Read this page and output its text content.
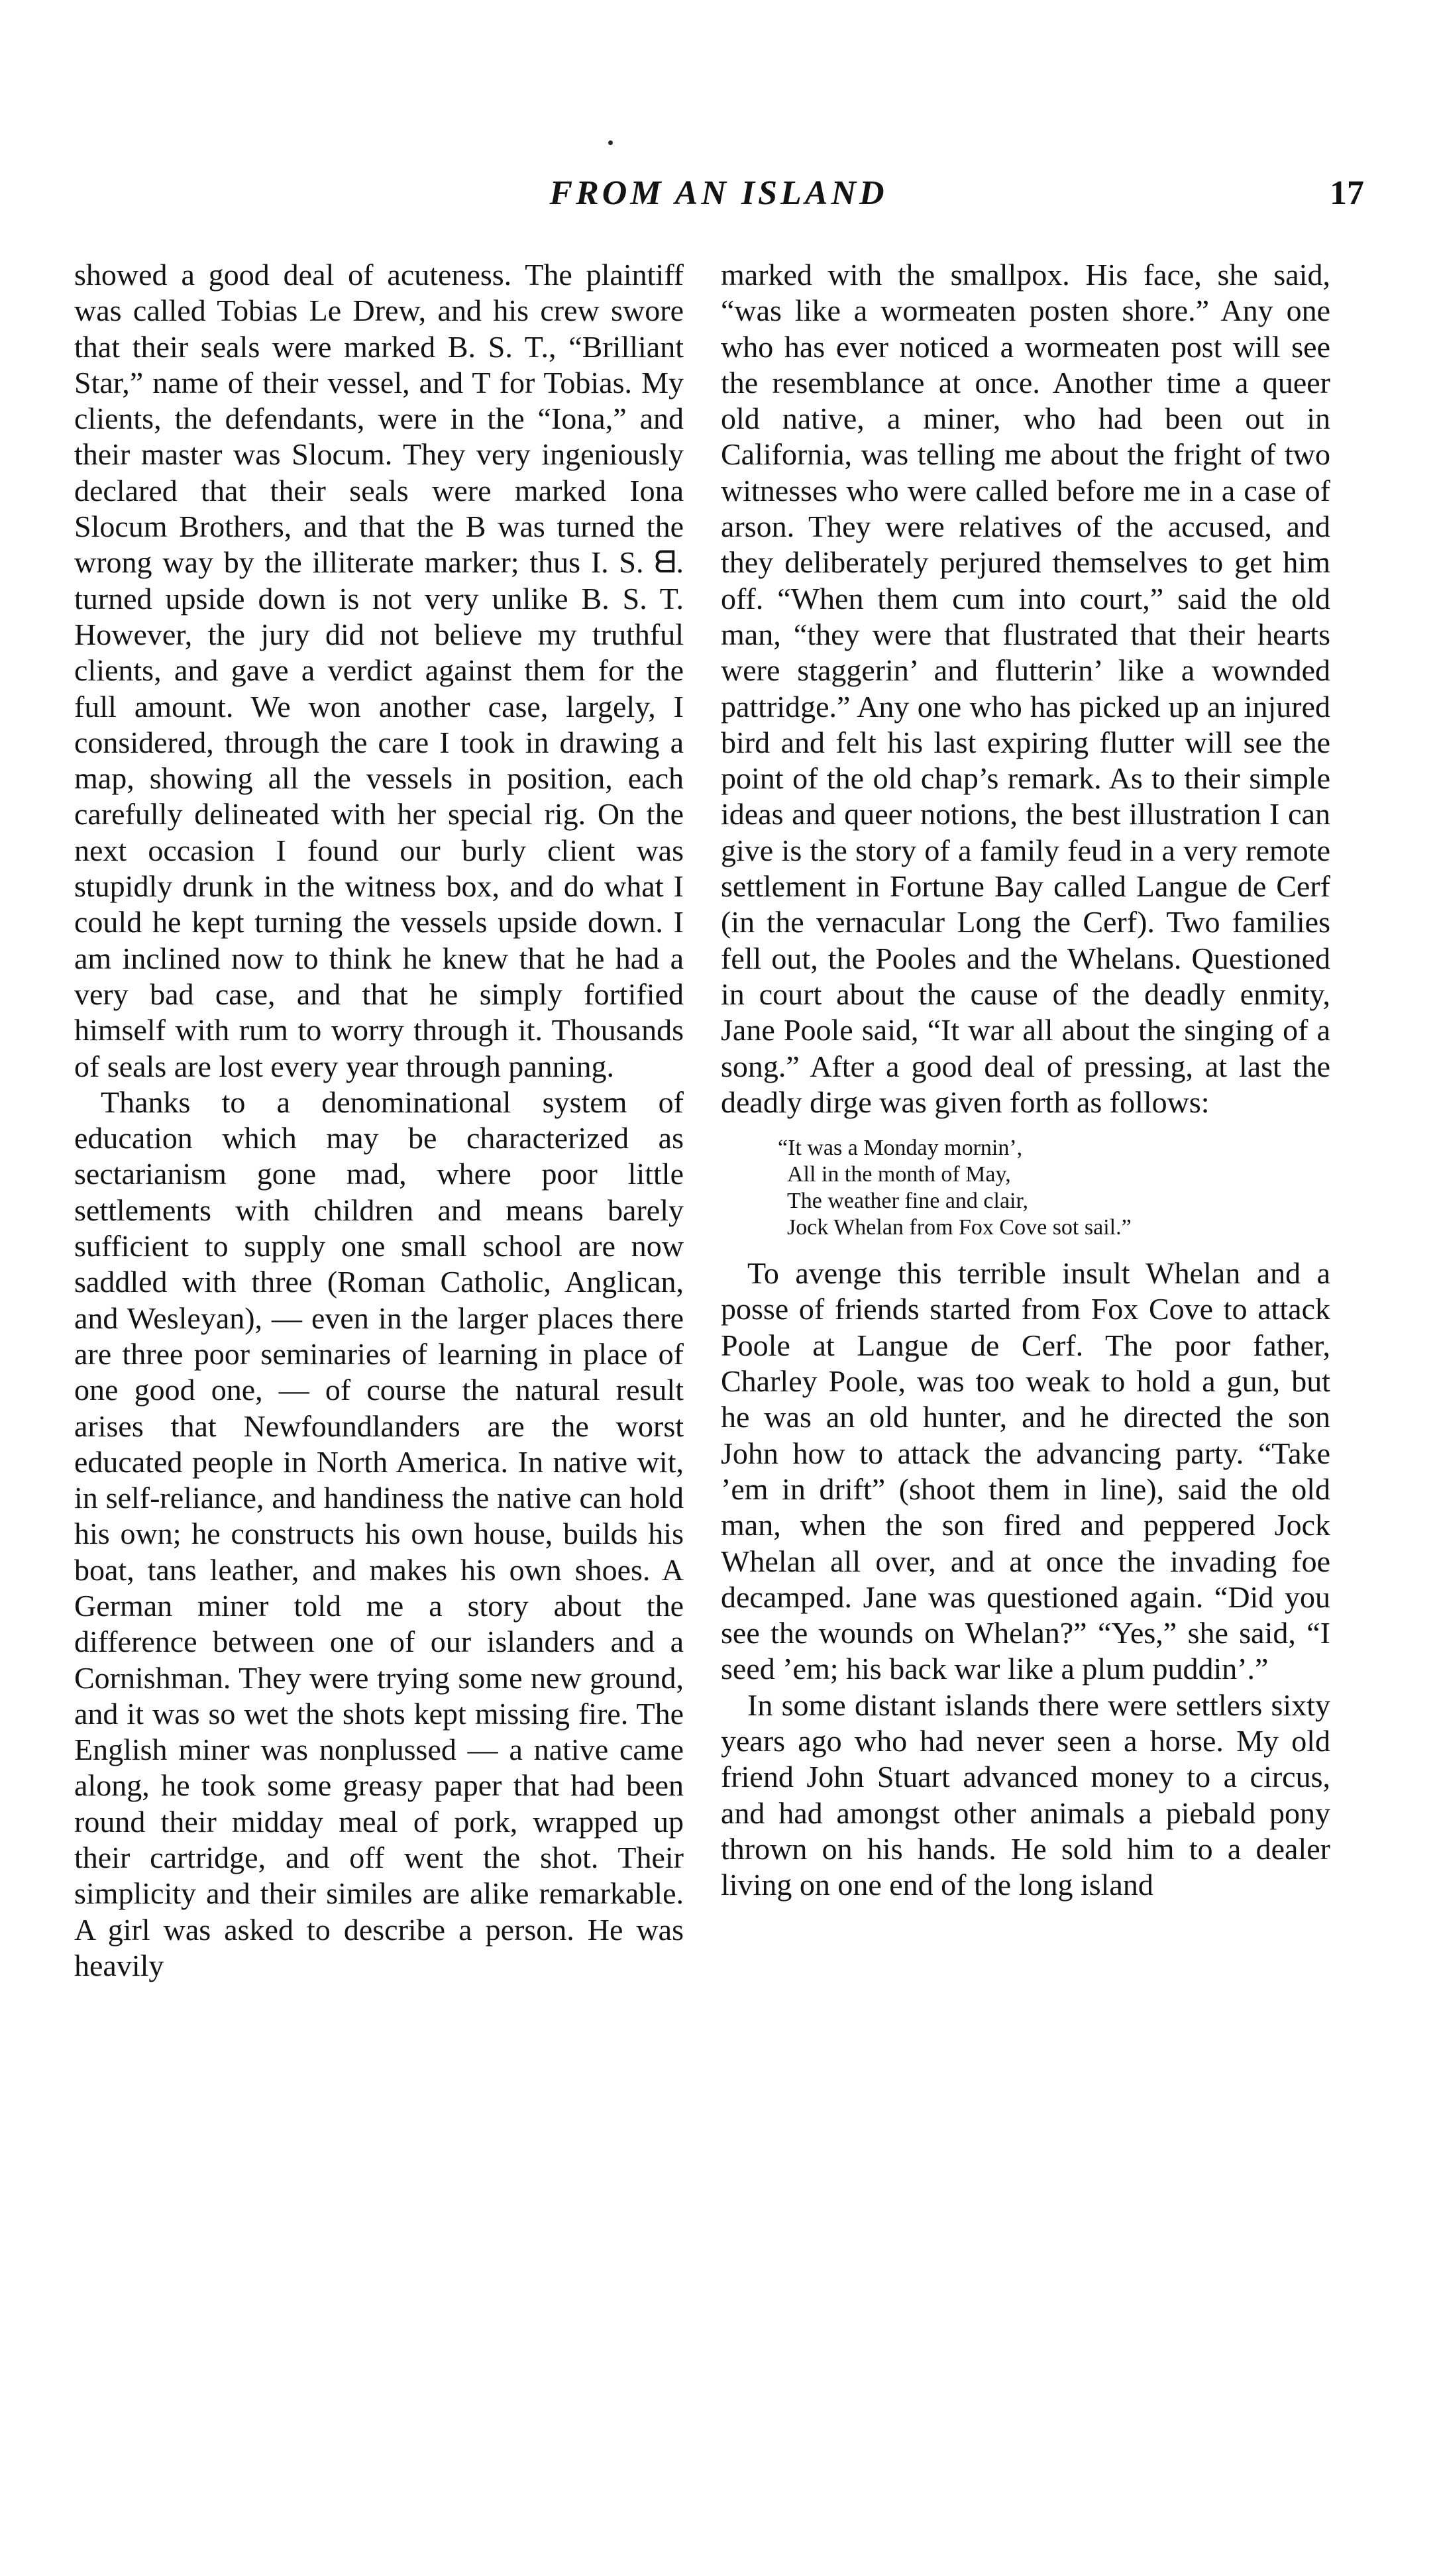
FROM AN ISLAND	17

showed a good deal of acuteness. The plaintiff was called Tobias Le Drew, and his crew swore that their seals were marked B. S. T., “Brilliant Star,” name of their vessel, and T for Tobias. My clients, the defendants, were in the “Iona,” and their master was Slocum. They very ingeniously declared that their seals were marked Iona Slocum Brothers, and that the B was turned the wrong way by the illiterate marker; thus I. S. ᗺ. turned upside down is not very unlike B. S. T. However, the jury did not believe my truthful clients, and gave a verdict against them for the full amount. We won another case, largely, I considered, through the care I took in drawing a map, showing all the vessels in position, each carefully delineated with her special rig. On the next occasion I found our burly client was stupidly drunk in the witness box, and do what I could he kept turning the vessels upside down. I am inclined now to think he knew that he had a very bad case, and that he simply fortified himself with rum to worry through it. Thousands of seals are lost every year through panning.

Thanks to a denominational system of education which may be characterized as sectarianism gone mad, where poor little settlements with children and means barely sufficient to supply one small school are now saddled with three (Roman Catholic, Anglican, and Wesleyan), — even in the larger places there are three poor seminaries of learning in place of one good one, — of course the natural result arises that Newfoundlanders are the worst educated people in North America. In native wit, in self-reliance, and handiness the native can hold his own; he constructs his own house, builds his boat, tans leather, and makes his own shoes. A German miner told me a story about the difference between one of our islanders and a Cornishman. They were trying some new ground, and it was so wet the shots kept missing fire. The English miner was nonplussed — a native came along, he took some greasy paper that had been round their midday meal of pork, wrapped up their cartridge, and off went the shot. Their simplicity and their similes are alike remarkable. A girl was asked to describe a person. He was heavily

marked with the smallpox. His face, she said, “was like a wormeaten posten shore.” Any one who has ever noticed a wormeaten post will see the resemblance at once. Another time a queer old native, a miner, who had been out in California, was telling me about the fright of two witnesses who were called before me in a case of arson. They were relatives of the accused, and they deliberately perjured themselves to get him off. “When them cum into court,” said the old man, “they were that flustrated that their hearts were staggerin’ and flutterin’ like a wownded pattridge.” Any one who has picked up an injured bird and felt his last expiring flutter will see the point of the old chap’s remark. As to their simple ideas and queer notions, the best illustration I can give is the story of a family feud in a very remote settlement in Fortune Bay called Langue de Cerf (in the vernacular Long the Cerf). Two families fell out, the Pooles and the Whelans. Questioned in court about the cause of the deadly enmity, Jane Poole said, “It war all about the singing of a song.” After a good deal of pressing, at last the deadly dirge was given forth as follows:

“It was a Monday mornin’,
All in the month of May,
The weather fine and clair,
Jock Whelan from Fox Cove sot sail.”

To avenge this terrible insult Whelan and a posse of friends started from Fox Cove to attack Poole at Langue de Cerf. The poor father, Charley Poole, was too weak to hold a gun, but he was an old hunter, and he directed the son John how to attack the advancing party. “Take ’em in drift” (shoot them in line), said the old man, when the son fired and peppered Jock Whelan all over, and at once the invading foe decamped. Jane was questioned again. “Did you see the wounds on Whelan?” “Yes,” she said, “I seed ’em; his back war like a plum puddin’.”

In some distant islands there were settlers sixty years ago who had never seen a horse. My old friend John Stuart advanced money to a circus, and had amongst other animals a piebald pony thrown on his hands. He sold him to a dealer living on one end of the long island
